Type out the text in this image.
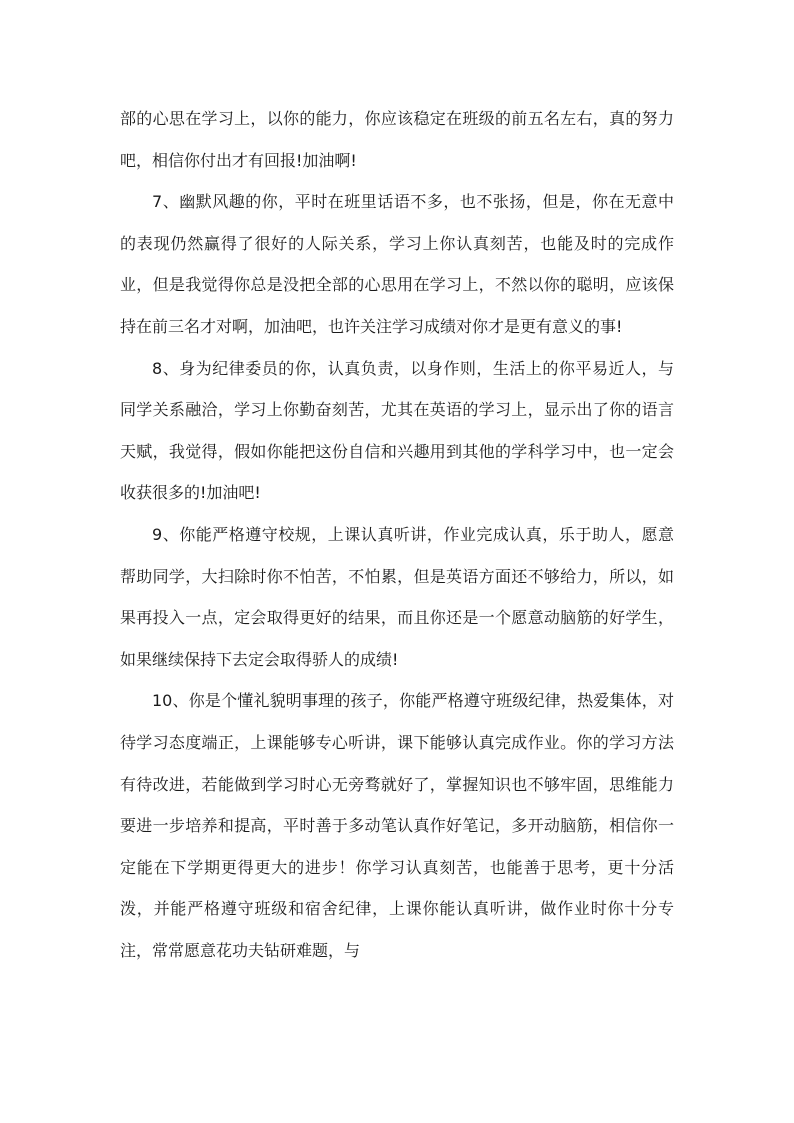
部的心思在学习上，以你的能力，你应该稳定在班级的前五名左右，真的努力吧，相信你付出才有回报!加油啊!

7、幽默风趣的你，平时在班里话语不多，也不张扬，但是，你在无意中的表现仍然赢得了很好的人际关系，学习上你认真刻苦，也能及时的完成作业，但是我觉得你总是没把全部的心思用在学习上，不然以你的聪明，应该保持在前三名才对啊，加油吧，也许关注学习成绩对你才是更有意义的事!

8、身为纪律委员的你，认真负责，以身作则，生活上的你平易近人，与同学关系融洽，学习上你勤奋刻苦，尤其在英语的学习上，显示出了你的语言天赋，我觉得，假如你能把这份自信和兴趣用到其他的学科学习中，也一定会收获很多的!加油吧!

9、你能严格遵守校规，上课认真听讲，作业完成认真，乐于助人，愿意帮助同学，大扫除时你不怕苦，不怕累，但是英语方面还不够给力，所以，如果再投入一点，定会取得更好的结果，而且你还是一个愿意动脑筋的好学生，如果继续保持下去定会取得骄人的成绩!

10、你是个懂礼貌明事理的孩子，你能严格遵守班级纪律，热爱集体，对待学习态度端正，上课能够专心听讲，课下能够认真完成作业。你的学习方法有待改进，若能做到学习时心无旁骛就好了，掌握知识也不够牢固，思维能力要进一步培养和提高，平时善于多动笔认真作好笔记，多开动脑筋，相信你一定能在下学期更得更大的进步！你学习认真刻苦，也能善于思考，更十分活泼，并能严格遵守班级和宿舍纪律，上课你能认真听讲，做作业时你十分专注，常常愿意花功夫钻研难题，与
